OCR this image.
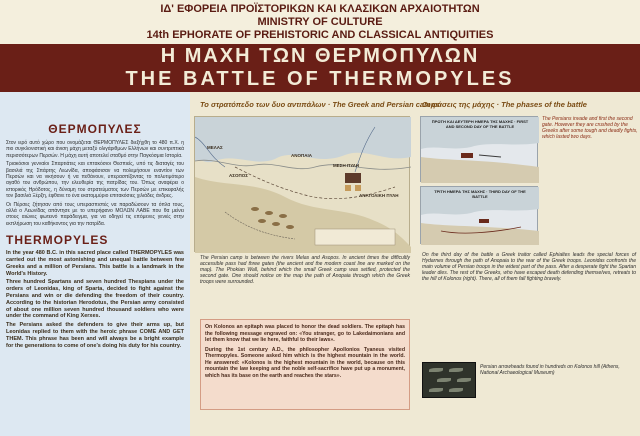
ΙΔ' ΕΦΟΡΕΙΑ ΠΡΟΪΣΤΟΡΙΚΩΝ ΚΑΙ ΚΛΑΣΙΚΩΝ ΑΡΧΑΙΟΤΗΤΩΝ
MINISTRY OF CULTURE
14th EPHORATE OF PREHISTORIC AND CLASSICAL ANTIQUITIES
Η ΜΑΧΗ ΤΩΝ ΘΕΡΜΟΠΥΛΩΝ
THE BATTLE OF THERMOPYLES
ΘΕΡΜΟΠΥΛΕΣ

Στον ιερό αυτό χώρο που ονομάζεται ΘΕΡΜΟΠΥΛΕΣ διεξήχθη το 480 π.Χ. η πιο συγκλονιστική και άνιση μάχη μεταξύ ολιγάριθμων Ελλήνων και συντριπτικά περισσότερων Περσών. Η μάχη αυτή αποτελεί σταθμό στην Παγκόσμια Ιστορία.

Τριακόσιοι γενναίοι Σπαρτιάτες και επτακόσιοι Θεσπιείς, υπό τις διαταγές του βασιλιά της Σπάρτης Λεωνίδα, αποφάσισαν να πολεμήσουν εναντίον των Περσών και να νικήσουν ή να πεθάνουν, υπερασπίζοντας το πολυτιμότερο αγαθό του ανθρώπου, την ελευθερία της πατρίδας του. Όπως αναφέρει ο ιστορικός Ηρόδοτος, η δύναμη του στρατεύματος των Περσών με επικεφαλής τον βασιλιά Ξέρξη, έφθανε το ένα εκατομμύριο επιτακόσιες χιλιάδες άνδρες.

Οι Πέρσες ζήτησαν από τους υπερασπιστές να παραδώσουν τα όπλα τους, αλλά ο Λεωνίδας απάντησε με το υπερήφανο ΜΟΛΩΝ ΛΑΒΕ που θα μείνει στους αιώνες φωτεινό παράδειγμα, για να οδηγεί τις επόμενες γενιές στην εκπλήρωση του καθήκοντος για την πατρίδα.

THERMOPYLES

In the year 480 B.C. in this sacred place called THERMOPYLES was carried out the most astonishing and unequal battle between few Greeks and a million of Persians. This battle is a landmark in the World's History.

Three hundred Spartans and seven hundred Thespians under the orders of Leonidas, king of Sparta, decided to fight against the Persians and win or die defending the freedom of their country. According to the historian Herodotus, the Persian army consisted of about one million seven hundred thousand soldiers who were under the command of King Xerxes.

The Persians asked the defenders to give their arms up, but Leonidas replied to them with the heroic phrase COME AND GET THEM. This phrase has been and will always be a bright example for the generations to come of one's doing his duty for his country.

Το στρατόπεδο των δυο αντιπάλων · The Greek and Persian camps
ΑΝΟΠΑΙΑ
ΑΣΟΠΟΣ
ΜΕΛΑΣ
ΜΕΣΗ ΠΥΛΗ
ΑΝΑΤΟΛΙΚΗ ΠΥΛΗ
The Persian camp is between the rivers Melas and Asopos. In ancient times the difficultly accessible pass had three gates (the ancient and the modern coast line are marked on the map). The Phokian Wall, behind which the small Greek camp was settled, protected the second gate. One should notice on the map the path of Anopaia through which the Greek troops were surrounded.

On Kolonos an epitaph was placed to honor the dead soldiers. The epitaph has the following message engraved on: «You stranger, go to Lakedaimonians and let them know that we lie here, faithful to their laws».

During the 1st century A.D., the philosopher Apollonios Tyaneus visited Thermopyles. Someone asked him which is the highest mountain in the world. He answered: «Kolonos is the highest mountain in the world, because on this mountain the law keeping and the noble self-sacrifice have put up a monument, which has its base on the earth and reaches the stars».

Οι φάσεις της μάχης · The phases of the battle
ΠΡΩΤΗ ΚΑΙ ΔΕΥΤΕΡΗ ΗΜΕΡΑ ΤΗΣ ΜΑΧΗΣ · FIRST AND SECOND DAY OF THE BATTLE
The Persians invade and first the second gate. However they are crushed by the Greeks after some tough and deadly fights, which lasted two days.
ΤΡΙΤΗ ΗΜΕΡΑ ΤΗΣ ΜΑΧΗΣ · THIRD DAY OF THE BATTLE
On the third day of the battle a Greek traitor called Ephialtes leads the special forces of Hydarnes through the path of Anopaia to the rear of the Greek troops. Leonidas confronts the main volume of Persian troops in the widest part of the pass. After a desperate fight the Spartan leader dies. The rest of the Greeks, who have escaped death defending themselves, retreats to the hill of Kolonos (right). There, all of them fall fighting bravely.
Persian arrowheads found in hundreds on Kolonos hill (Athens, National Archaeological Museum)
